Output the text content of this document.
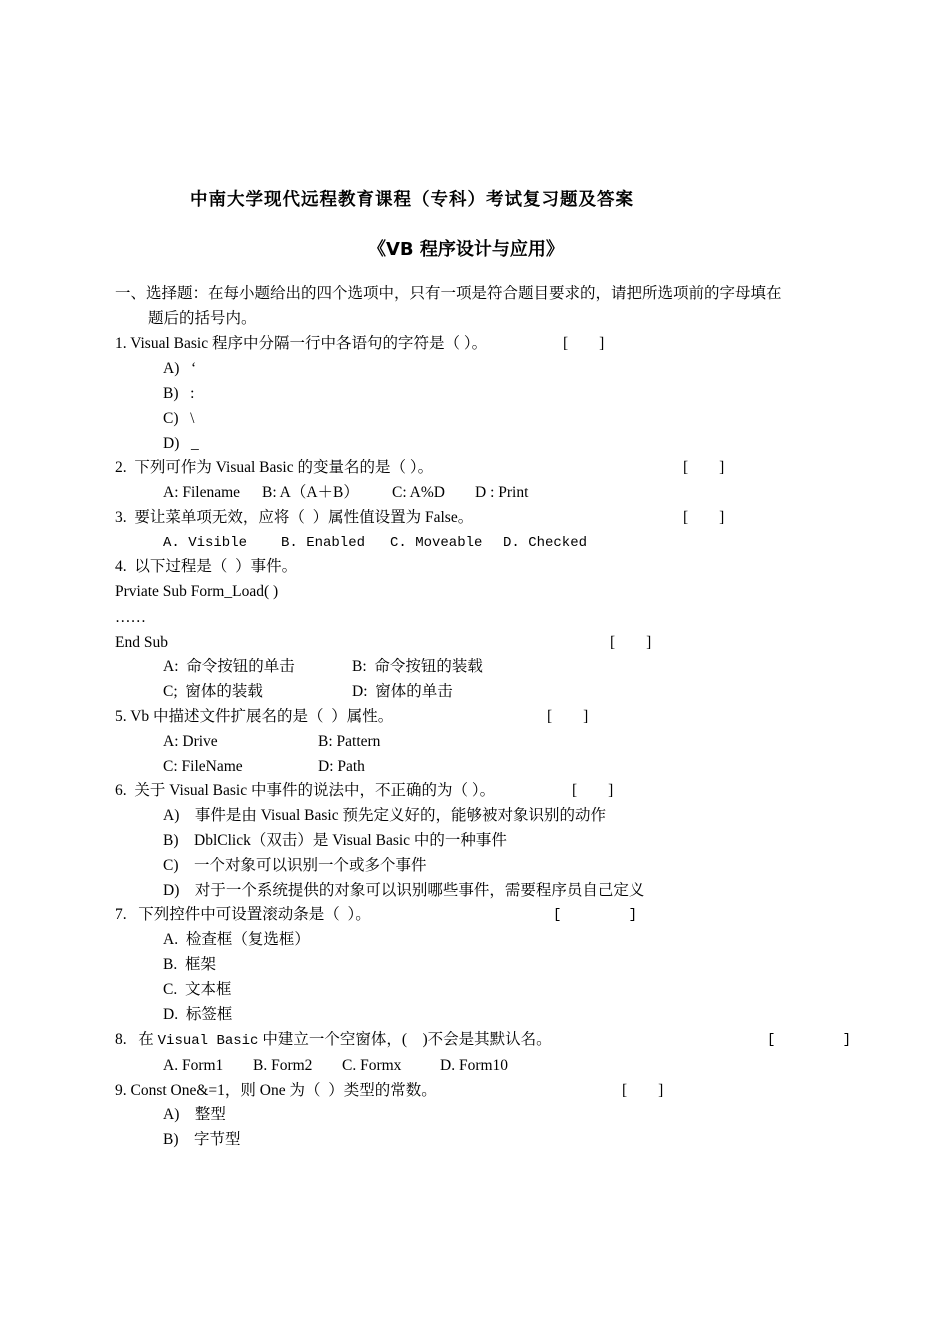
中南大学现代远程教育课程（专科）考试复习题及答案
《VB 程序设计与应用》
一、选择题：在每小题给出的四个选项中，只有一项是符合题目要求的，请把所选项前的字母填在
题后的括号内。
1. Visual Basic 程序中分隔一行中各语句的字符是（ ）。	[        ]
A)   ‘
B)   :
C)   \
D)   _
2.  下列可作为 Visual Basic 的变量名的是（ ）。	[        ]
A: Filename B: A（A＋B） C: A%D D : Print
3.  要让菜单项无效，应将（  ）属性值设置为 False。	[        ]
A. Visible B. Enabled C. Moveable D. Checked
4.  以下过程是（  ）事件。
Prviate Sub Form_Load( )
……
End Sub	[        ]
A:  命令按钮的单击	B:  命令按钮的装载
C;  窗体的装载	D:  窗体的单击
5. Vb 中描述文件扩展名的是（  ）属性。	[        ]
A: Drive	B: Pattern
C: FileName	D: Path
6.  关于 Visual Basic 中事件的说法中，不正确的为（ ）。	[        ]
A)    事件是由 Visual Basic 预先定义好的，能够被对象识别的动作
B)    DblClick（双击）是 Visual Basic 中的一种事件
C)    一个对象可以识别一个或多个事件
D)    对于一个系统提供的对象可以识别哪些事件，需要程序员自己定义
7.   下列控件中可设置滚动条是（  ）。	[        ]
A.  检查框（复选框）
B.  框架
C.  文本框
D.  标签框
8.   在 Visual Basic 中建立一个空窗体，(    )不会是其默认名。	[        ]
A. Form1 B. Form2 C. Formx D. Form10
9. Const One&=1，则 One 为（  ）类型的常数。	[        ]
A)    整型
B)    字节型
